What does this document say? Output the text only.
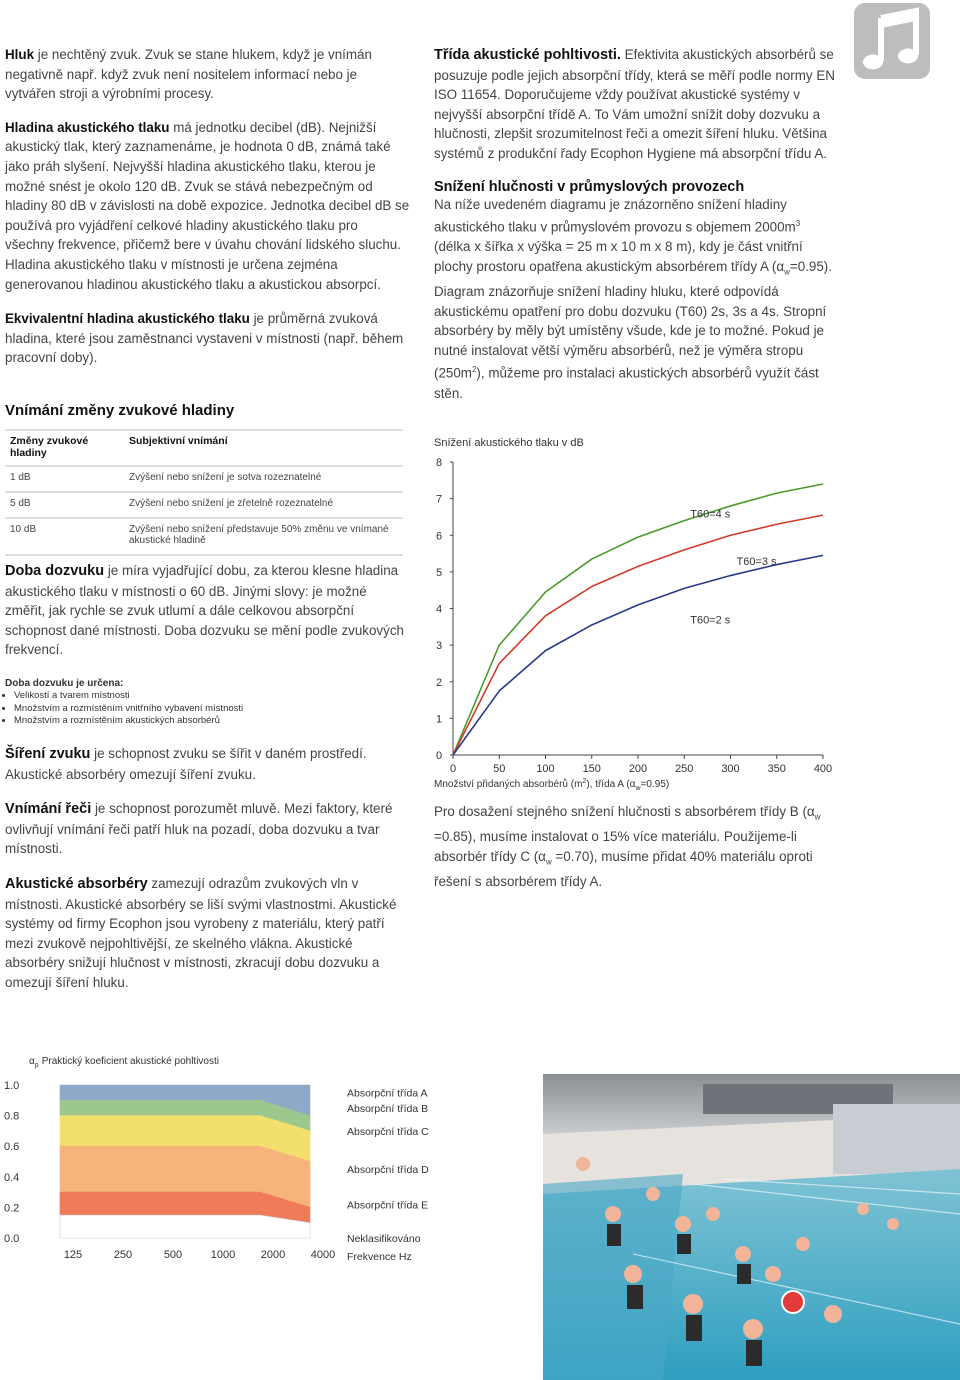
Hluk je nechtěný zvuk. Zvuk se stane hlukem, když je vnímán negativně např. když zvuk není nositelem informací nebo je vytvářen stroji a výrobními procesy.

Hladina akustického tlaku má jednotku decibel (dB). Nejnižší akustický tlak, který zaznamenáme, je hodnota 0 dB, známá také jako práh slyšení. Nejvyšší hladina akustického tlaku, kterou je možné snést je okolo 120 dB. Zvuk se stává nebezpečným od hladiny 80 dB v závislosti na době expozice. Jednotka decibel dB se používá pro vyjádření celkové hladiny akustického tlaku pro všechny frekvence, přičemž bere v úvahu chování lidského sluchu. Hladina akustického tlaku v místnosti je určena zejména generovanou hladinou akustického tlaku a akustickou absorpcí.

Ekvivalentní hladina akustického tlaku je průměrná zvuková hladina, které jsou zaměstnanci vystaveni v místnosti (např. během pracovní doby).

Vnímání změny zvukové hladiny
Změny zvukové hladiny	Subjektivní vnímání
1 dB	Zvýšení nebo snížení je sotva rozeznatelné
5 dB	Zvýšení nebo snížení je zřetelně rozeznatelné
10 dB	Zvýšení nebo snížení představuje 50% změnu ve vnímané akustické hladině

Doba dozvuku je míra vyjadřující dobu, za kterou klesne hladina akustického tlaku v místnosti o 60 dB. Jinými slovy: je možné změřit, jak rychle se zvuk utlumí a dále celkovou absorpční schopnost dané místnosti. Doba dozvuku se mění podle zvukových frekvencí.

Doba dozvuku je určena:

• Velikostí a tvarem místnosti
• Množstvím a rozmístěním vnitřního vybavení místnosti
• Množstvím a rozmístěním akustických absorbérů

Šíření zvuku je schopnost zvuku se šířit v daném prostředí. Akustické absorbéry omezují šíření zvuku.

Vnímání řeči je schopnost porozumět mluvě. Mezi faktory, které ovlivňují vnímání řeči patří hluk na pozadí, doba dozvuku a tvar místnosti.

Akustické absorbéry zamezují odrazům zvukových vln v místnosti. Akustické absorbéry se liší svými vlastnostmi. Akustické systémy od firmy Ecophon jsou vyrobeny z materiálu, který patří mezi zvukově nejpohltivější, ze skelného vlákna. Akustické absorbéry snižují hlučnost v místnosti, zkracují dobu dozvuku a omezují šíření hluku.

Třída akustické pohltivosti. Efektivita akustických absorbérů se posuzuje podle jejich absorpční třídy, která se měří podle normy EN ISO 11654. Doporučujeme vždy používat akustické systémy v nejvyšší absorpční třídě A. To Vám umožní snížit doby dozvuku a hlučnosti, zlepšit srozumitelnost řeči a omezit šíření hluku. Většina systémů z produkční řady Ecophon Hygiene má absorpční třídu A.

Snížení hlučnosti v průmyslových provozech

Na níže uvedeném diagramu je znázorněno snížení hladiny akustického tlaku v průmyslovém provozu s objemem $2000m^3$ (délka x šířka x výška = 25 m x 10 m x 8 m), kdy je část vnitřní plochy prostoru opatřena akustickým absorbérem třídy A $(\alpha_w=0.95)$. Diagram znázorňuje snížení hladiny hluku, které odpovídá akustickému opatření pro dobu dozvuku (T60) 2s, 3s a 4s. Stropní absorbéry by měly být umístěny všude, kde je to možné. Pokud je nutné instalovat větší výměru absorbérů, než je výměra stropu $(250m^2)$, můžeme pro instalaci akustických absorbérů využít část stěn.

Snížení akustického tlaku v dB
0
1
2
3
4
5
6
7
8
0	50	100	150	200	250	300	350	400
T60=4 s
T60=3 s
T60=2 s
Množství přidaných absorbérů $(m^2)$, třída A $(\alpha_w=0.95)$

Pro dosažení stejného snížení hlučnosti s absorbérem třídy B $(\alpha_w =0.85)$, musíme instalovat o 15% více materiálu. Použijeme-li absorbér třídy C $(\alpha_w =0.70)$, musíme přidat 40% materiálu oproti řešení s absorbérem třídy A.

$\alpha_p$ Praktický koeficient akustické pohltivosti
1.0
0.8
0.6
0.4
0.2
0.0
125	250	500	1000 2000 4000
Absorpční třída A
Absorpční třída B
Absorpční třída C
Absorpční třída D
Absorpční třída E
Neklasifikováno
Frekvence Hz
